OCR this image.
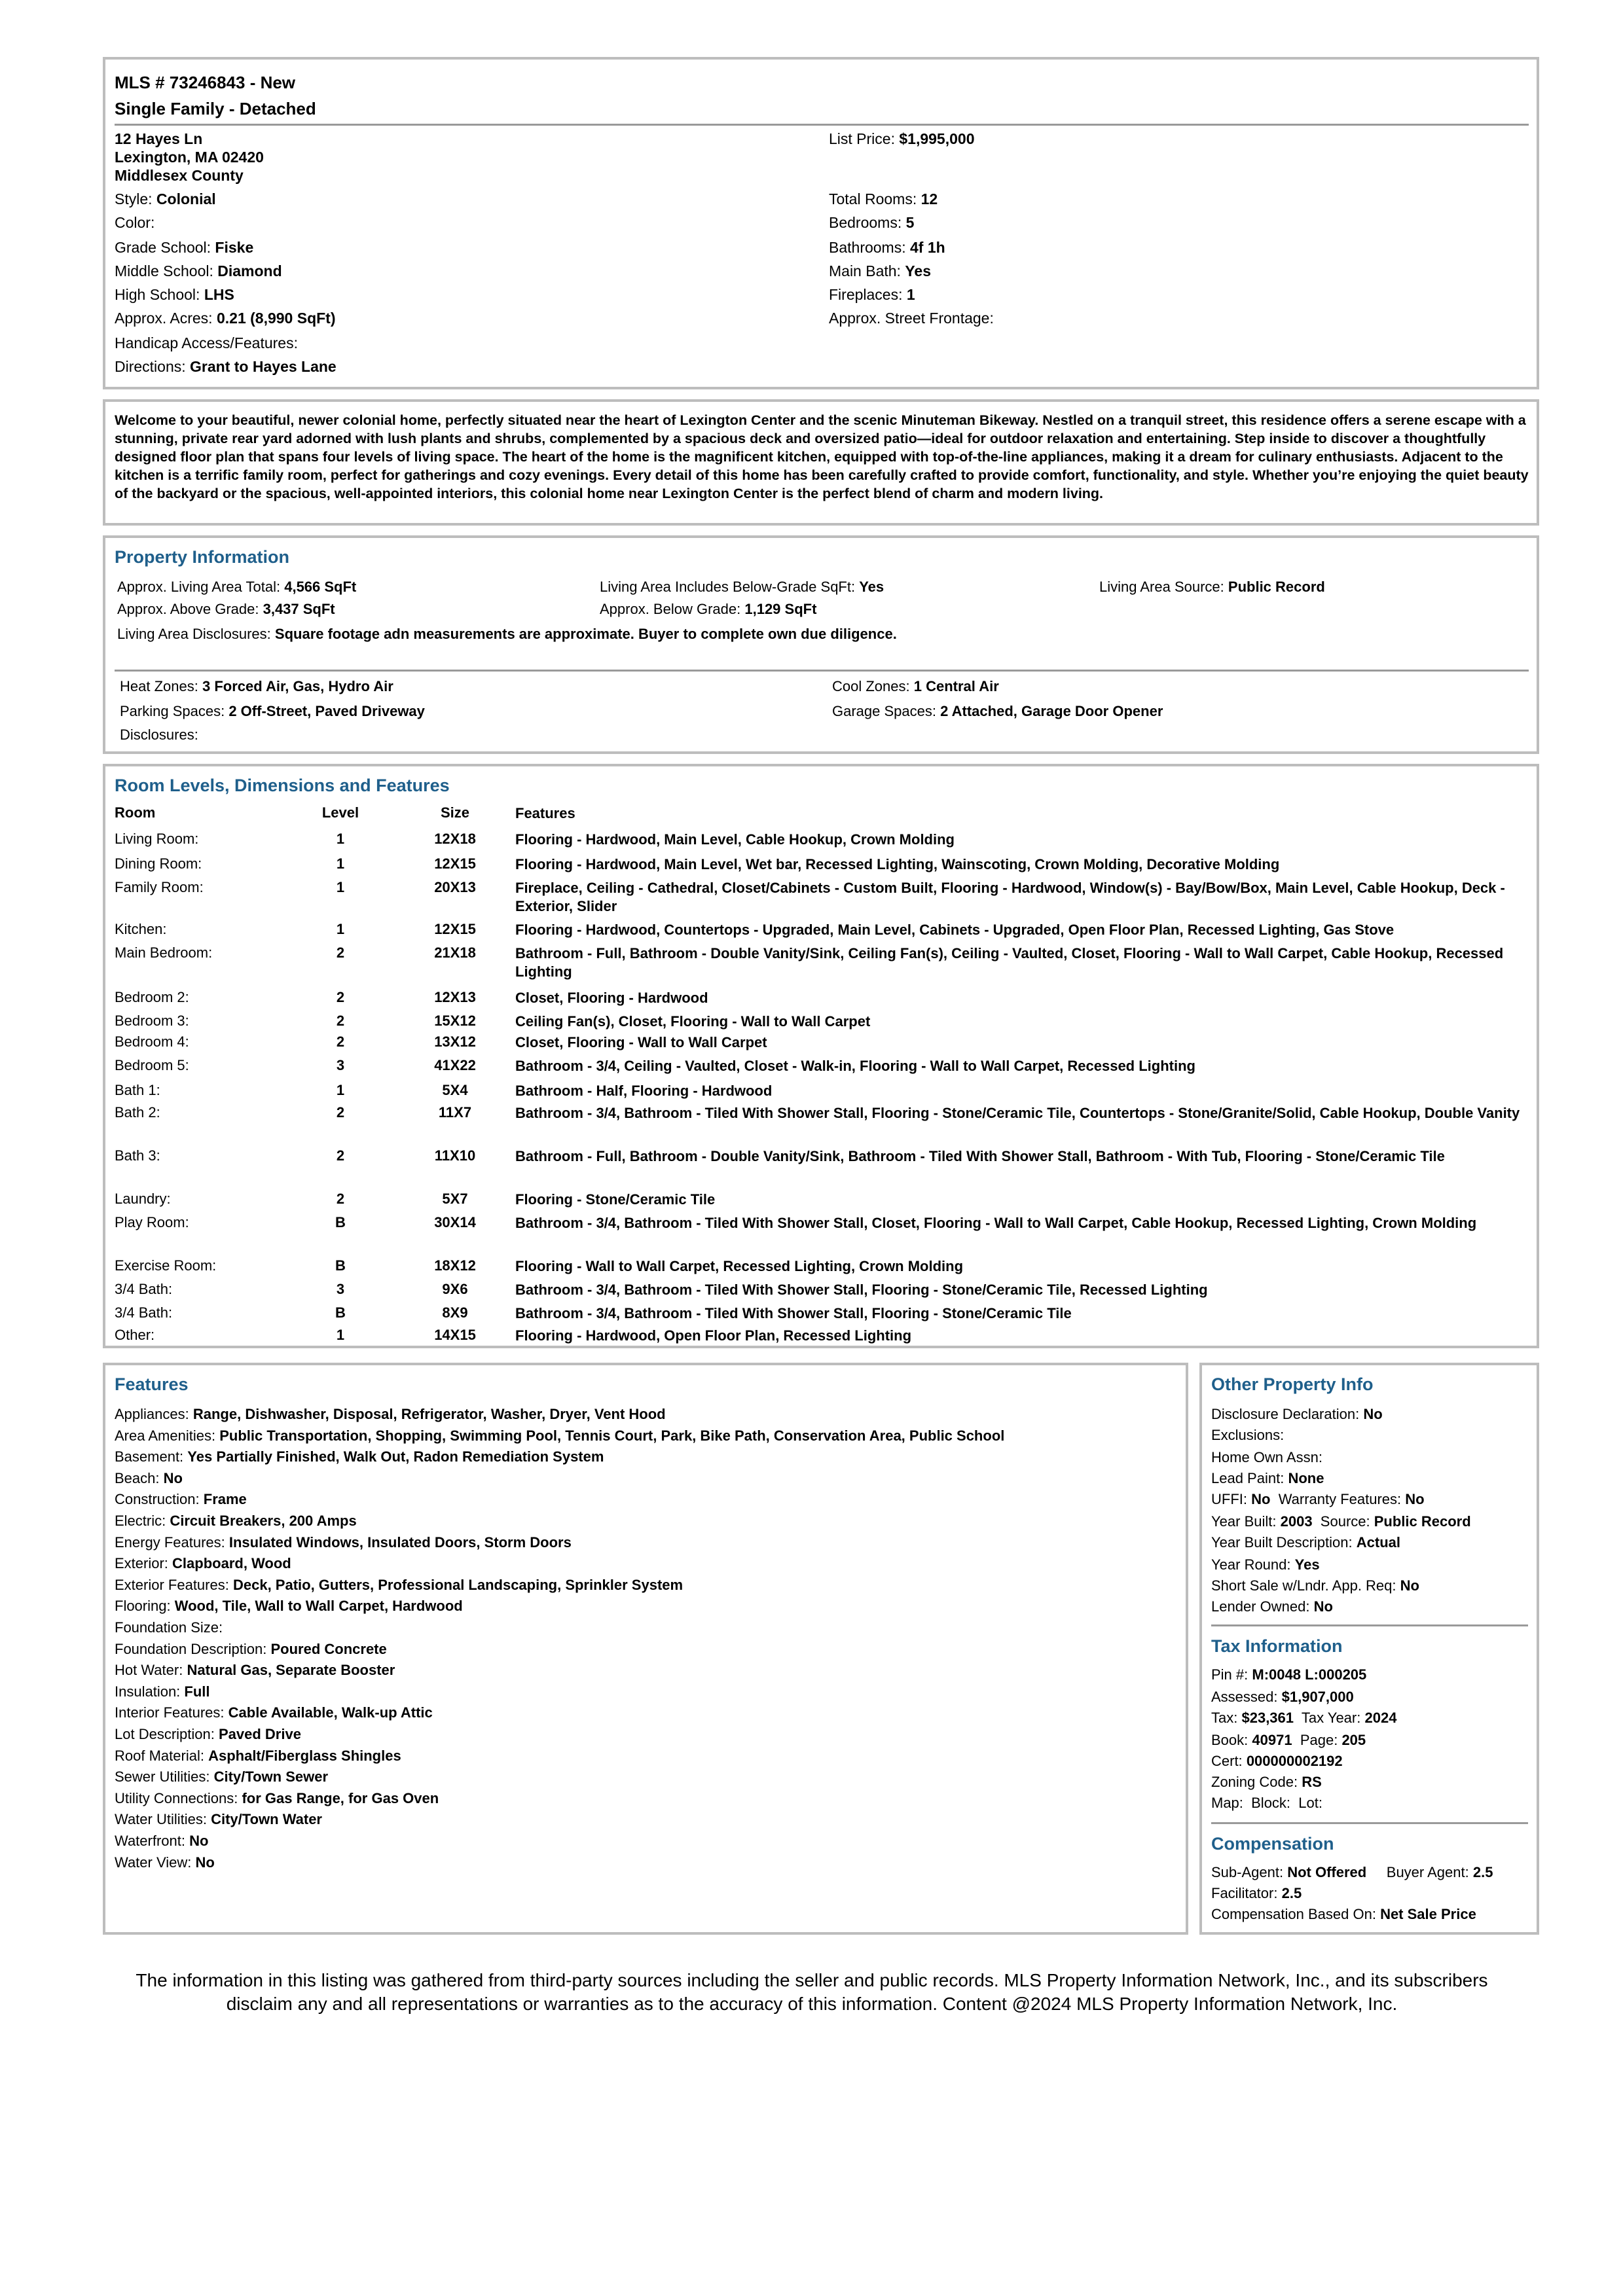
MLS # 73246843 - New
Single Family - Detached
12 Hayes Ln
Lexington, MA 02420
Middlesex County
List Price: $1,995,000
Style: Colonial
Color:
Grade School: Fiske
Middle School: Diamond
High School: LHS
Approx. Acres: 0.21 (8,990 SqFt)
Handicap Access/Features:
Directions: Grant to Hayes Lane
Total Rooms: 12
Bedrooms: 5
Bathrooms: 4f 1h
Main Bath: Yes
Fireplaces: 1
Approx. Street Frontage:
Welcome to your beautiful, newer colonial home, perfectly situated near the heart of Lexington Center and the scenic Minuteman Bikeway. Nestled on a tranquil street, this residence offers a serene escape with a stunning, private rear yard adorned with lush plants and shrubs, complemented by a spacious deck and oversized patio—ideal for outdoor relaxation and entertaining. Step inside to discover a thoughtfully designed floor plan that spans four levels of living space. The heart of the home is the magnificent kitchen, equipped with top-of-the-line appliances, making it a dream for culinary enthusiasts. Adjacent to the kitchen is a terrific family room, perfect for gatherings and cozy evenings. Every detail of this home has been carefully crafted to provide comfort, functionality, and style. Whether you’re enjoying the quiet beauty of the backyard or the spacious, well-appointed interiors, this colonial home near Lexington Center is the perfect blend of charm and modern living.
Property Information
Approx. Living Area Total: 4,566 SqFt	Living Area Includes Below-Grade SqFt: Yes	Living Area Source: Public Record
Approx. Above Grade: 3,437 SqFt	Approx. Below Grade: 1,129 SqFt
Living Area Disclosures: Square footage adn measurements are approximate. Buyer to complete own due diligence.
Heat Zones: 3 Forced Air, Gas, Hydro Air	Cool Zones: 1 Central Air
Parking Spaces: 2 Off-Street, Paved Driveway	Garage Spaces: 2 Attached, Garage Door Opener
Disclosures:
Room Levels, Dimensions and Features
Room	Level	Size	Features
Living Room:	1	12X18	Flooring - Hardwood, Main Level, Cable Hookup, Crown Molding
Dining Room:	1	12X15	Flooring - Hardwood, Main Level, Wet bar, Recessed Lighting, Wainscoting, Crown Molding, Decorative Molding
Family Room:	1	20X13	Fireplace, Ceiling - Cathedral, Closet/Cabinets - Custom Built, Flooring - Hardwood, Window(s) - Bay/Bow/Box, Main Level, Cable Hookup, Deck - Exterior, Slider
Kitchen:	1	12X15	Flooring - Hardwood, Countertops - Upgraded, Main Level, Cabinets - Upgraded, Open Floor Plan, Recessed Lighting, Gas Stove
Main Bedroom:	2	21X18	Bathroom - Full, Bathroom - Double Vanity/Sink, Ceiling Fan(s), Ceiling - Vaulted, Closet, Flooring - Wall to Wall Carpet, Cable Hookup, Recessed Lighting
Bedroom 2:	2	12X13	Closet, Flooring - Hardwood
Bedroom 3:	2	15X12	Ceiling Fan(s), Closet, Flooring - Wall to Wall Carpet
Bedroom 4:	2	13X12	Closet, Flooring - Wall to Wall Carpet
Bedroom 5:	3	41X22	Bathroom - 3/4, Ceiling - Vaulted, Closet - Walk-in, Flooring - Wall to Wall Carpet, Recessed Lighting
Bath 1:	1	5X4	Bathroom - Half, Flooring - Hardwood
Bath 2:	2	11X7	Bathroom - 3/4, Bathroom - Tiled With Shower Stall, Flooring - Stone/Ceramic Tile, Countertops - Stone/Granite/Solid, Cable Hookup, Double Vanity
Bath 3:	2	11X10	Bathroom - Full, Bathroom - Double Vanity/Sink, Bathroom - Tiled With Shower Stall, Bathroom - With Tub, Flooring - Stone/Ceramic Tile
Laundry:	2	5X7	Flooring - Stone/Ceramic Tile
Play Room:	B	30X14	Bathroom - 3/4, Bathroom - Tiled With Shower Stall, Closet, Flooring - Wall to Wall Carpet, Cable Hookup, Recessed Lighting, Crown Molding
Exercise Room:	B	18X12	Flooring - Wall to Wall Carpet, Recessed Lighting, Crown Molding
3/4 Bath:	3	9X6	Bathroom - 3/4, Bathroom - Tiled With Shower Stall, Flooring - Stone/Ceramic Tile, Recessed Lighting
3/4 Bath:	B	8X9	Bathroom - 3/4, Bathroom - Tiled With Shower Stall, Flooring - Stone/Ceramic Tile
Other:	1	14X15	Flooring - Hardwood, Open Floor Plan, Recessed Lighting
Features
Appliances: Range, Dishwasher, Disposal, Refrigerator, Washer, Dryer, Vent Hood
Area Amenities: Public Transportation, Shopping, Swimming Pool, Tennis Court, Park, Bike Path, Conservation Area, Public School
Basement: Yes Partially Finished, Walk Out, Radon Remediation System
Beach: No
Construction: Frame
Electric: Circuit Breakers, 200 Amps
Energy Features: Insulated Windows, Insulated Doors, Storm Doors
Exterior: Clapboard, Wood
Exterior Features: Deck, Patio, Gutters, Professional Landscaping, Sprinkler System
Flooring: Wood, Tile, Wall to Wall Carpet, Hardwood
Foundation Size:
Foundation Description: Poured Concrete
Hot Water: Natural Gas, Separate Booster
Insulation: Full
Interior Features: Cable Available, Walk-up Attic
Lot Description: Paved Drive
Roof Material: Asphalt/Fiberglass Shingles
Sewer Utilities: City/Town Sewer
Utility Connections: for Gas Range, for Gas Oven
Water Utilities: City/Town Water
Waterfront: No
Water View: No
Other Property Info
Disclosure Declaration: No
Exclusions:
Home Own Assn:
Lead Paint: None
UFFI: No Warranty Features: No
Year Built: 2003 Source: Public Record
Year Built Description: Actual
Year Round: Yes
Short Sale w/Lndr. App. Req: No
Lender Owned: No
Tax Information
Pin #: M:0048 L:000205
Assessed: $1,907,000
Tax: $23,361 Tax Year: 2024
Book: 40971 Page: 205
Cert: 000000002192
Zoning Code: RS
Map:  Block:  Lot:
Compensation
Sub-Agent: Not Offered Buyer Agent: 2.5
Facilitator: 2.5
Compensation Based On: Net Sale Price
The information in this listing was gathered from third-party sources including the seller and public records. MLS Property Information Network, Inc., and its subscribers disclaim any and all representations or warranties as to the accuracy of this information. Content @2024 MLS Property Information Network, Inc.
